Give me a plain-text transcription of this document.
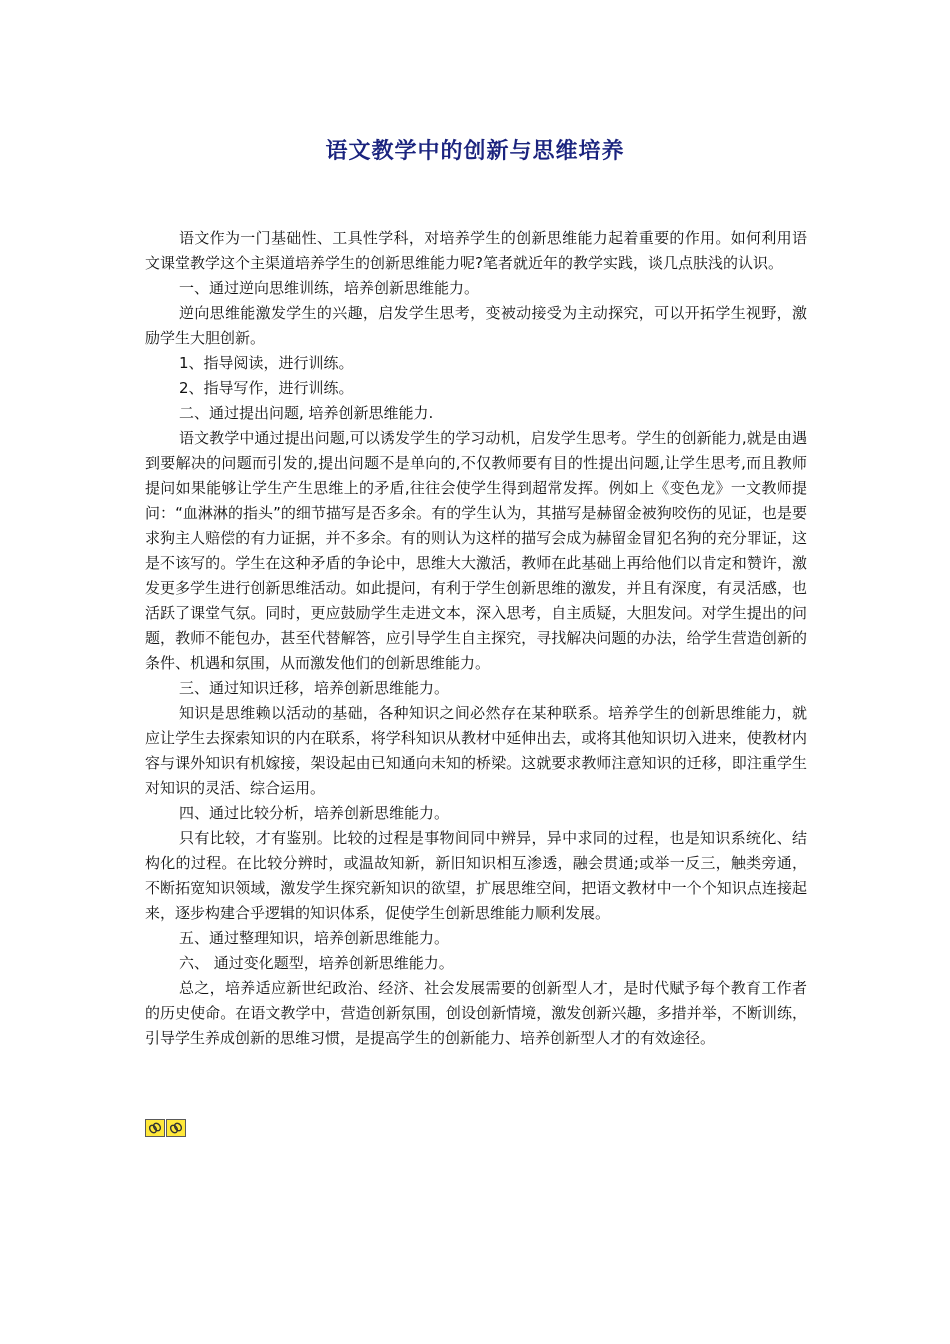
语文教学中的创新与思维培养

语文作为一门基础性、工具性学科，对培养学生的创新思维能力起着重要的作用。如何利用语文课堂教学这个主渠道培养学生的创新思维能力呢?笔者就近年的教学实践，谈几点肤浅的认识。

一、通过逆向思维训练，培养创新思维能力。

逆向思维能激发学生的兴趣，启发学生思考，变被动接受为主动探究，可以开拓学生视野，激励学生大胆创新。

1、指导阅读，进行训练。

2、指导写作，进行训练。

二、通过提出问题, 培养创新思维能力.

语文教学中通过提出问题,可以诱发学生的学习动机，启发学生思考。学生的创新能力,就是由遇到要解决的问题而引发的,提出问题不是单向的,不仅教师要有目的性提出问题,让学生思考,而且教师提问如果能够让学生产生思维上的矛盾,往往会使学生得到超常发挥。例如上《变色龙》一文教师提问：“血淋淋的指头”的细节描写是否多余。有的学生认为，其描写是赫留金被狗咬伤的见证，也是要求狗主人赔偿的有力证据，并不多余。有的则认为这样的描写会成为赫留金冒犯名狗的充分罪证，这是不该写的。学生在这种矛盾的争论中，思维大大激活，教师在此基础上再给他们以肯定和赞许，激发更多学生进行创新思维活动。如此提问，有利于学生创新思维的激发，并且有深度，有灵活感，也活跃了课堂气氛。同时，更应鼓励学生走进文本，深入思考，自主质疑，大胆发问。对学生提出的问题，教师不能包办，甚至代替解答，应引导学生自主探究，寻找解决问题的办法，给学生营造创新的条件、机遇和氛围，从而激发他们的创新思维能力。

三、通过知识迁移，培养创新思维能力。

知识是思维赖以活动的基础，各种知识之间必然存在某种联系。培养学生的创新思维能力，就应让学生去探索知识的内在联系，将学科知识从教材中延伸出去，或将其他知识切入进来，使教材内容与课外知识有机嫁接，架设起由已知通向未知的桥梁。这就要求教师注意知识的迁移，即注重学生对知识的灵活、综合运用。

四、通过比较分析，培养创新思维能力。

只有比较，才有鉴别。比较的过程是事物间同中辨异，异中求同的过程，也是知识系统化、结构化的过程。在比较分辨时，或温故知新，新旧知识相互渗透，融会贯通;或举一反三，触类旁通，不断拓宽知识领域，激发学生探究新知识的欲望，扩展思维空间，把语文教材中一个个知识点连接起来，逐步构建合乎逻辑的知识体系，促使学生创新思维能力顺利发展。

五、通过整理知识，培养创新思维能力。

六、 通过变化题型，培养创新思维能力。

总之，培养适应新世纪政治、经济、社会发展需要的创新型人才，是时代赋予每个教育工作者的历史使命。在语文教学中，营造创新氛围，创设创新情境，激发创新兴趣，多措并举，不断训练，引导学生养成创新的思维习惯，是提高学生的创新能力、培养创新型人才的有效途径。
